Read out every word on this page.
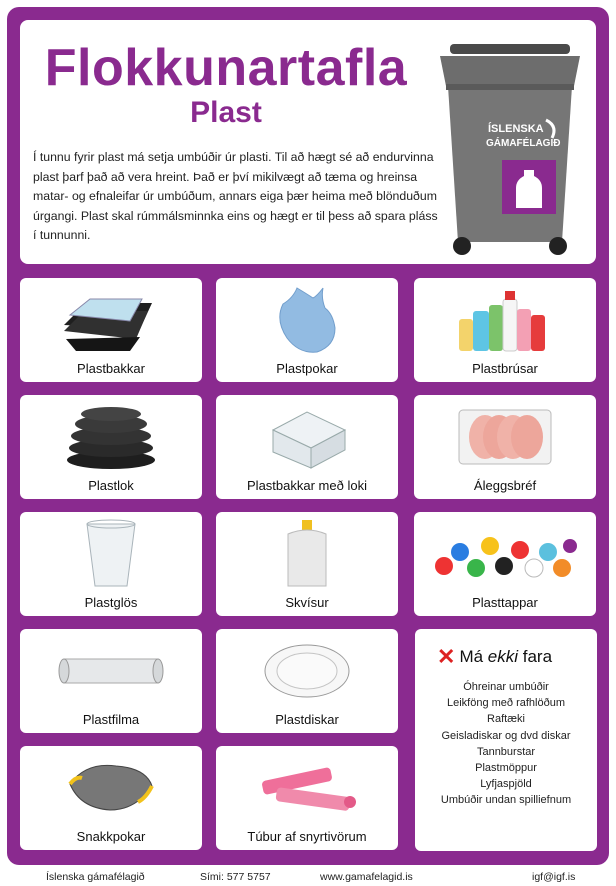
Flokkunartafla
Plast
Í tunnu fyrir plast má setja umbúðir úr plasti. Til að hægt sé að endurvinna plast þarf það að vera hreint. Það er því mikilvægt að tæma og hreinsa matar- og efnaleifar úr umbúðum, annars eiga þær heima með blönduðum úrgangi. Plast skal rúmmálsminnka eins og hægt er til þess að spara pláss í tunnunni.
ÍSLENSKA
GÁMAFÉLAGIÐ
Plastbakkar	Plastpokar	Plastbrúsar
Plastlok	Plastbakkar með loki	Áleggsbréf
Plastglös	Skvísur	Plasttappar
Plastfilma	Plastdiskar
Snakkpokar	Túbur af snyrtivörum
✕ Má ekki fara
Óhreinar umbúðir
Leikföng með rafhlöðum
Raftæki
Geisladiskar og dvd diskar
Tannburstar
Plastmöppur
Lyfjaspjöld
Umbúðir undan spilliefnum
Íslenska gámafélagið	Sími: 577 5757	www.gamafelagid.is	igf@igf.is
